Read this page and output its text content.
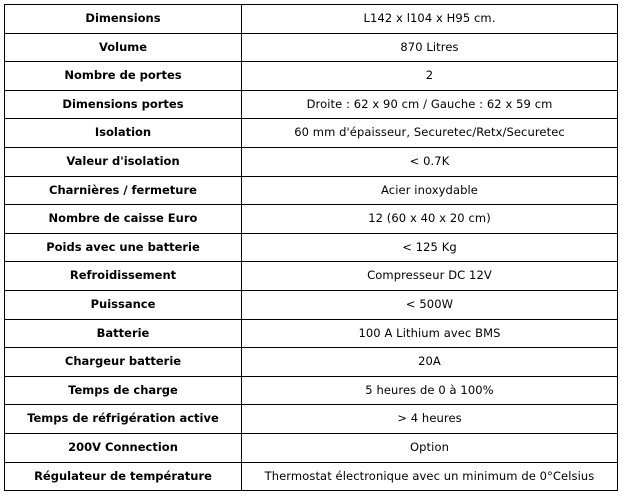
Dimensions	L142 x l104 x H95 cm.
Volume	870 Litres
Nombre de portes	2
Dimensions portes	Droite : 62 x 90 cm / Gauche : 62 x 59 cm
Isolation	60 mm d'épaisseur, Securetec/Retx/Securetec
Valeur d'isolation	< 0.7K
Charnières / fermeture	Acier inoxydable
Nombre de caisse Euro	12 (60 x 40 x 20 cm)
Poids avec une batterie	< 125 Kg
Refroidissement	Compresseur DC 12V
Puissance	< 500W
Batterie	100 A Lithium avec BMS
Chargeur batterie	20A
Temps de charge	5 heures de 0 à 100%
Temps de réfrigération active	> 4 heures
200V Connection	Option
Régulateur de température	Thermostat électronique avec un minimum de 0°Celsius
